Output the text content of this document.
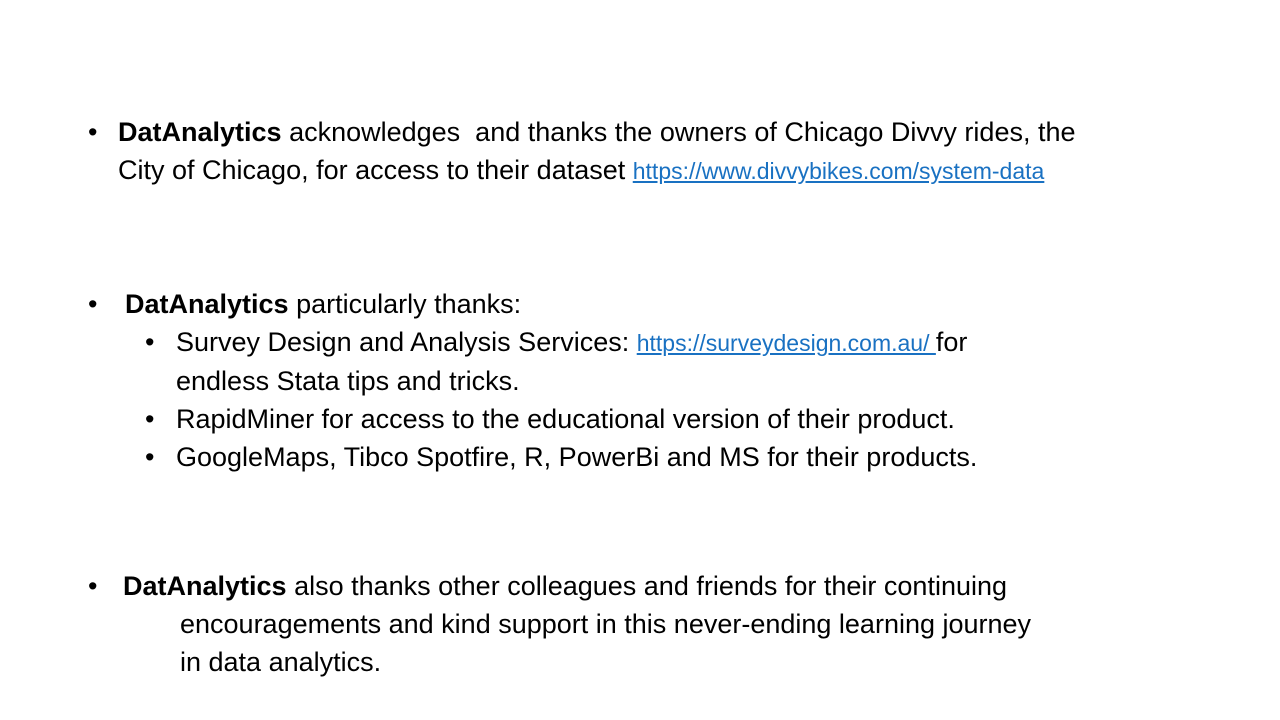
• DatAnalytics acknowledges  and thanks the owners of Chicago Divvy rides, the
City of Chicago, for access to their dataset https://www.divvybikes.com/system-data
•	DatAnalytics particularly thanks:
• Survey Design and Analysis Services: https://surveydesign.com.au/ for
endless Stata tips and tricks.
• RapidMiner for access to the educational version of their product.
• GoogleMaps, Tibco Spotfire, R, PowerBi and MS for their products.
• DatAnalytics also thanks other colleagues and friends for their continuing
encouragements and kind support in this never-ending learning journey
in data analytics.
